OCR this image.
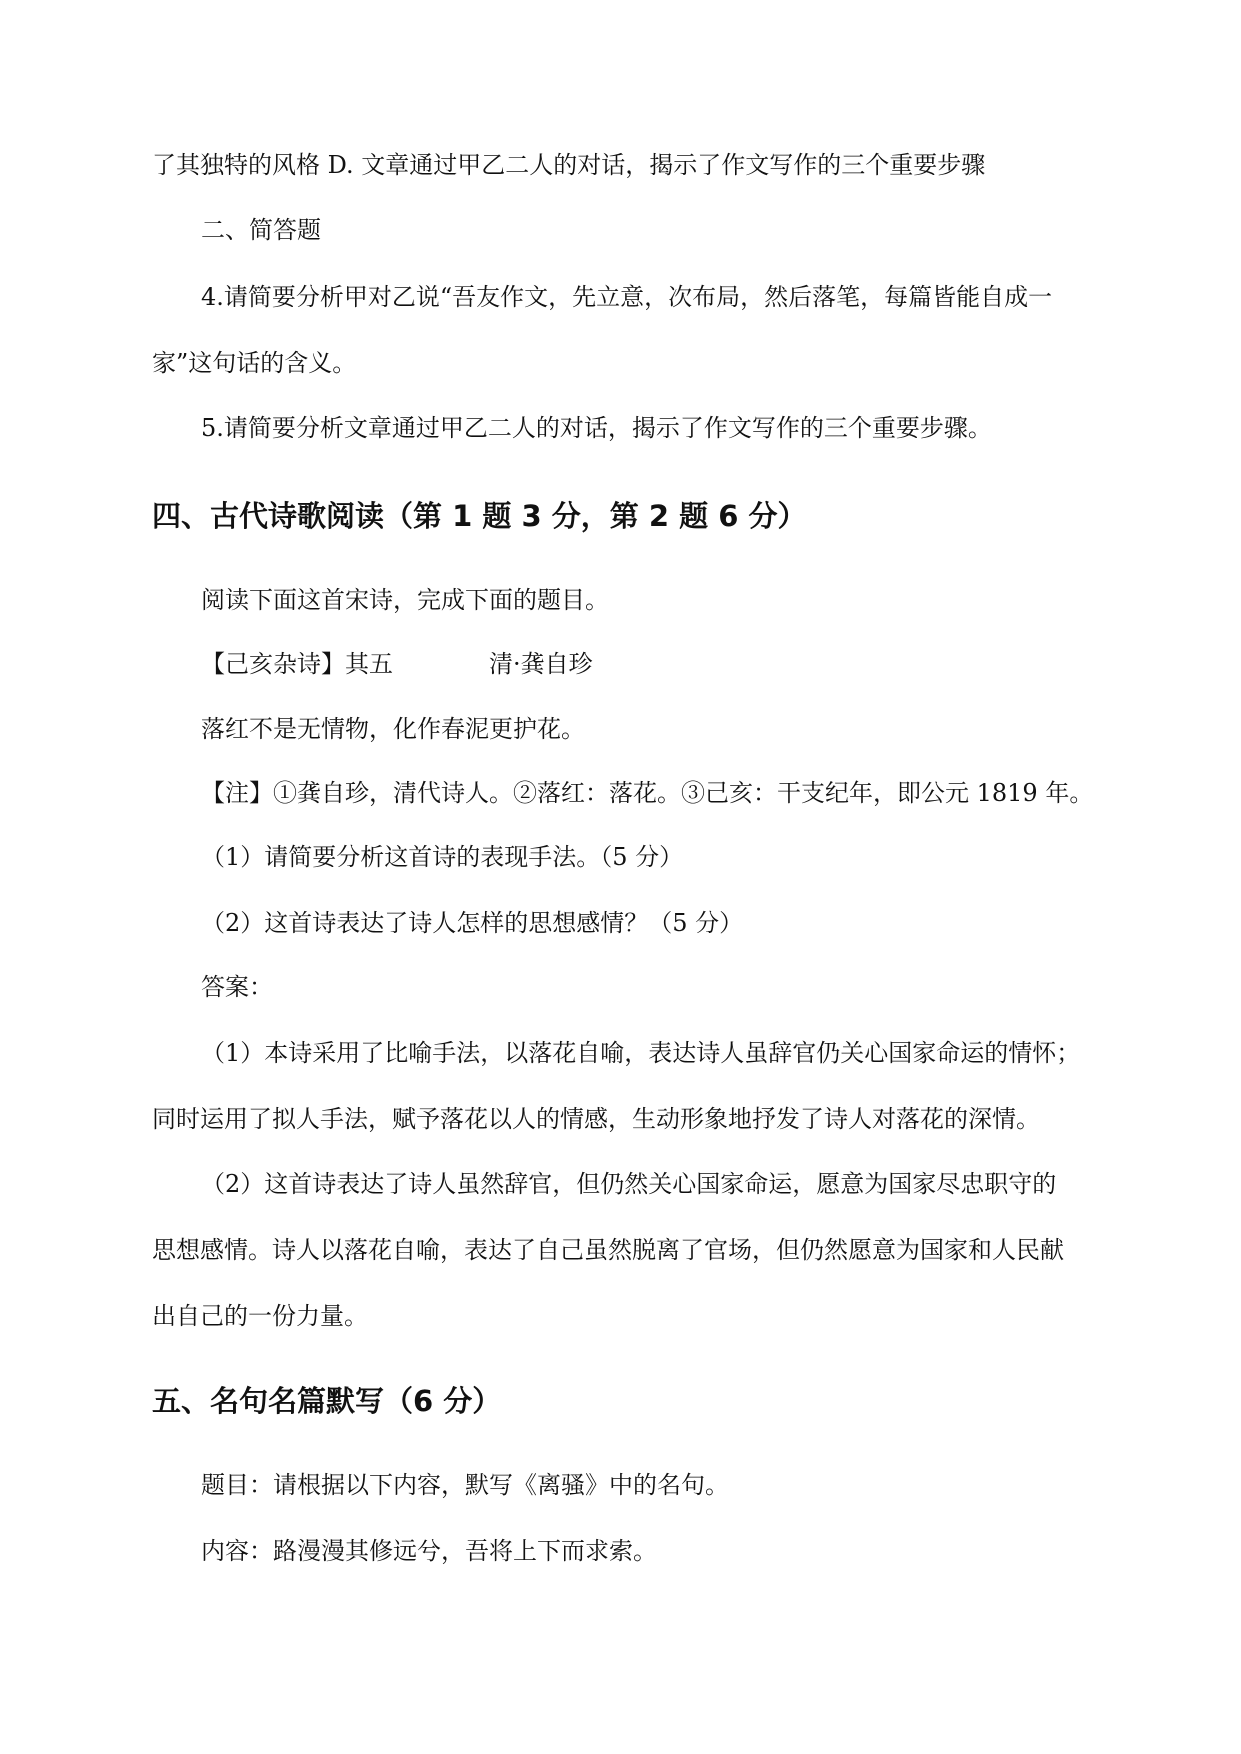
了其独特的风格 D. 文章通过甲乙二人的对话，揭示了作文写作的三个重要步骤
二、简答题
4.请简要分析甲对乙说“吾友作文，先立意，次布局，然后落笔，每篇皆能自成一
家”这句话的含义。
5.请简要分析文章通过甲乙二人的对话，揭示了作文写作的三个重要步骤。
四、古代诗歌阅读（第 1 题 3 分，第 2 题 6 分）
阅读下面这首宋诗，完成下面的题目。
【己亥杂诗】其五	清·龚自珍
落红不是无情物，化作春泥更护花。
【注】①龚自珍，清代诗人。②落红：落花。③己亥：干支纪年，即公元 1819 年。
（1）请简要分析这首诗的表现手法。（5 分）
（2）这首诗表达了诗人怎样的思想感情？（5 分）
答案：
（1）本诗采用了比喻手法，以落花自喻，表达诗人虽辞官仍关心国家命运的情怀；
同时运用了拟人手法，赋予落花以人的情感，生动形象地抒发了诗人对落花的深情。
（2）这首诗表达了诗人虽然辞官，但仍然关心国家命运，愿意为国家尽忠职守的
思想感情。诗人以落花自喻，表达了自己虽然脱离了官场，但仍然愿意为国家和人民献
出自己的一份力量。
五、名句名篇默写（6 分）
题目：请根据以下内容，默写《离骚》中的名句。
内容：路漫漫其修远兮，吾将上下而求索。
